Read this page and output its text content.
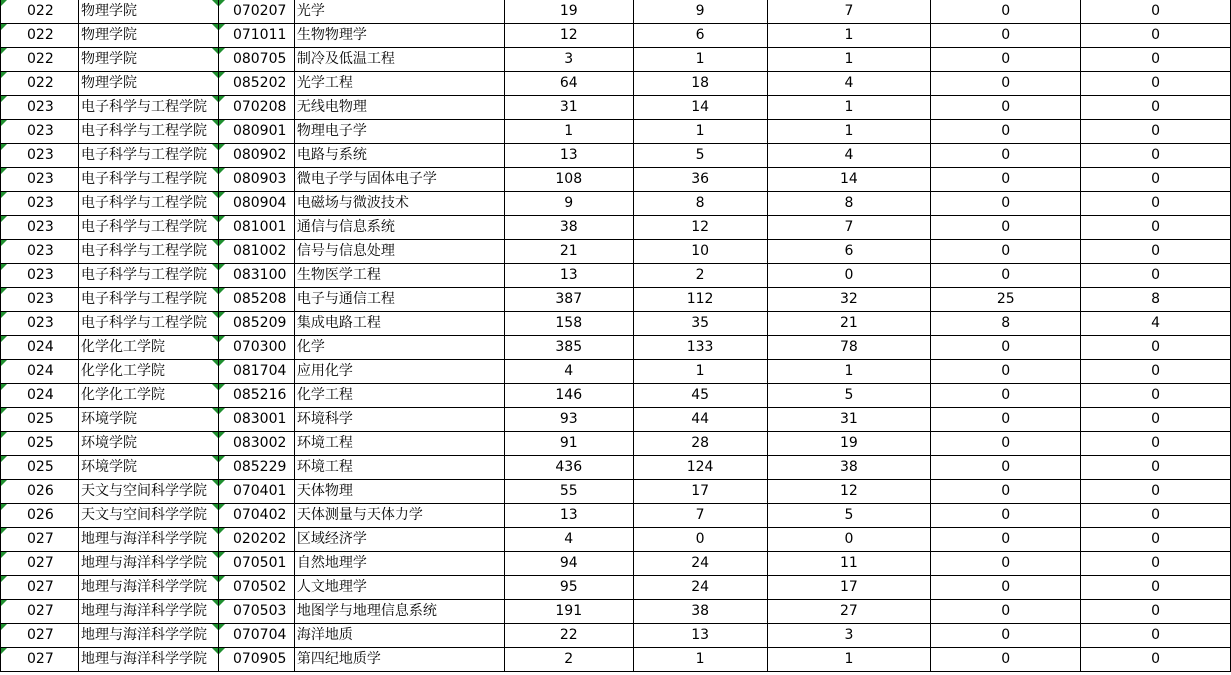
022	物理学院	070207	光学	19	9	7	0	0
022	物理学院	071011	生物物理学	12	6	1	0	0
022	物理学院	080705	制冷及低温工程	3	1	1	0	0
022	物理学院	085202	光学工程	64	18	4	0	0
023	电子科学与工程学院	070208	无线电物理	31	14	1	0	0
023	电子科学与工程学院	080901	物理电子学	1	1	1	0	0
023	电子科学与工程学院	080902	电路与系统	13	5	4	0	0
023	电子科学与工程学院	080903	微电子学与固体电子学	108	36	14	0	0
023	电子科学与工程学院	080904	电磁场与微波技术	9	8	8	0	0
023	电子科学与工程学院	081001	通信与信息系统	38	12	7	0	0
023	电子科学与工程学院	081002	信号与信息处理	21	10	6	0	0
023	电子科学与工程学院	083100	生物医学工程	13	2	0	0	0
023	电子科学与工程学院	085208	电子与通信工程	387	112	32	25	8
023	电子科学与工程学院	085209	集成电路工程	158	35	21	8	4
024	化学化工学院	070300	化学	385	133	78	0	0
024	化学化工学院	081704	应用化学	4	1	1	0	0
024	化学化工学院	085216	化学工程	146	45	5	0	0
025	环境学院	083001	环境科学	93	44	31	0	0
025	环境学院	083002	环境工程	91	28	19	0	0
025	环境学院	085229	环境工程	436	124	38	0	0
026	天文与空间科学学院	070401	天体物理	55	17	12	0	0
026	天文与空间科学学院	070402	天体测量与天体力学	13	7	5	0	0
027	地理与海洋科学学院	020202	区域经济学	4	0	0	0	0
027	地理与海洋科学学院	070501	自然地理学	94	24	11	0	0
027	地理与海洋科学学院	070502	人文地理学	95	24	17	0	0
027	地理与海洋科学学院	070503	地图学与地理信息系统	191	38	27	0	0
027	地理与海洋科学学院	070704	海洋地质	22	13	3	0	0
027	地理与海洋科学学院	070905	第四纪地质学	2	1	1	0	0
